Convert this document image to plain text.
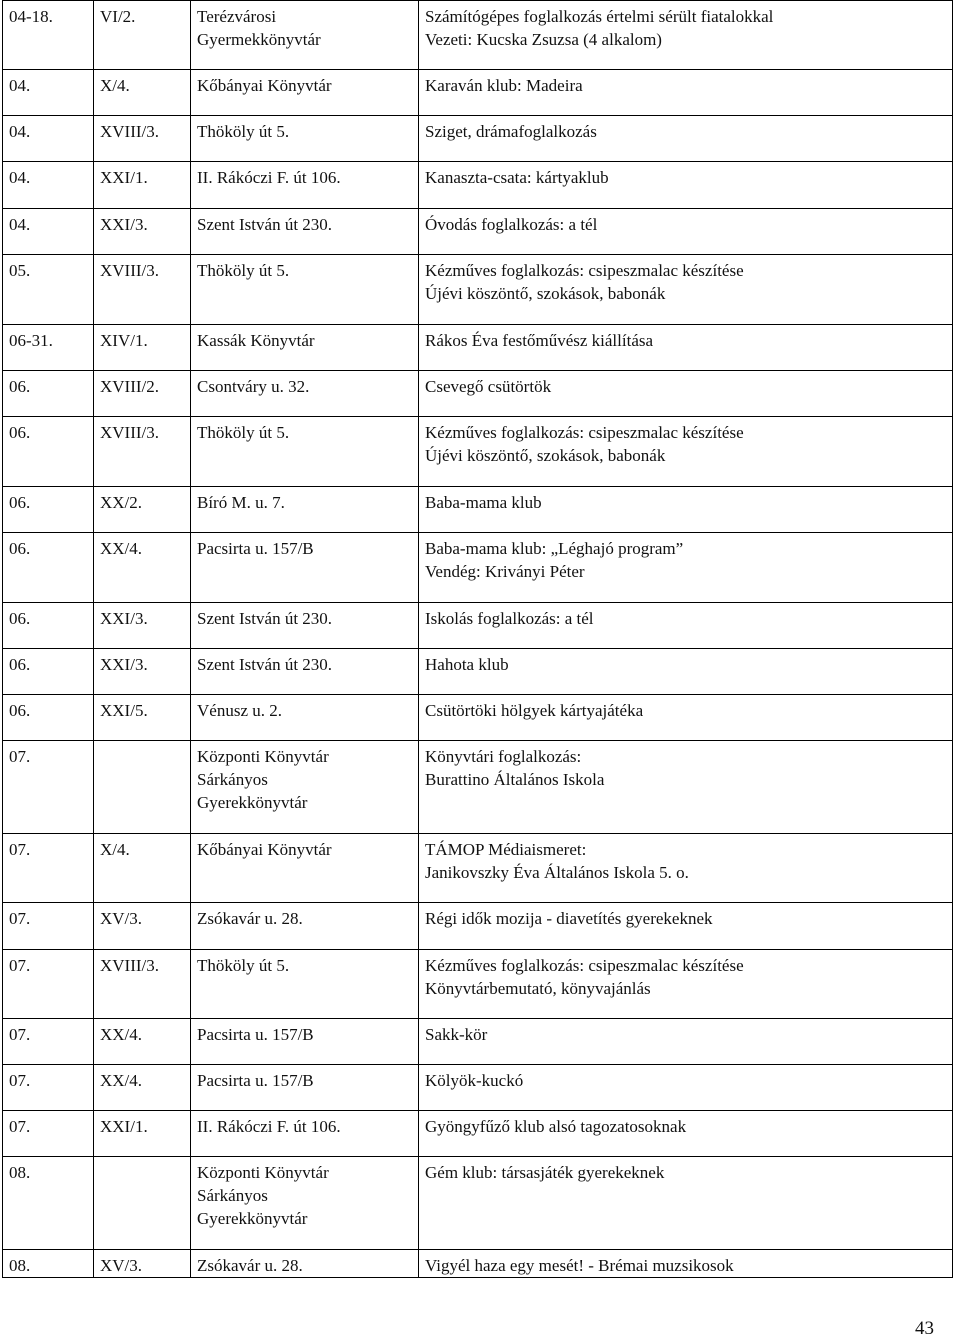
04-18.	VI/2.	Terézvárosi
Gyermekkönyvtár	Számítógépes foglalkozás értelmi sérült fiatalokkal
Vezeti: Kucska Zsuzsa (4 alkalom)
04.	X/4.	Kőbányai Könyvtár	Karaván klub: Madeira
04.	XVIII/3.	Thököly út 5.	Sziget, drámafoglalkozás
04.	XXI/1.	II. Rákóczi F. út 106.	Kanaszta-csata: kártyaklub
04.	XXI/3.	Szent István út 230.	Óvodás foglalkozás: a tél
05.	XVIII/3.	Thököly út 5.	Kézműves foglalkozás: csipeszmalac készítése
Újévi köszöntő, szokások, babonák
06-31.	XIV/1.	Kassák Könyvtár	Rákos Éva festőművész kiállítása
06.	XVIII/2.	Csontváry u. 32.	Csevegő csütörtök
06.	XVIII/3.	Thököly út 5.	Kézműves foglalkozás: csipeszmalac készítése
Újévi köszöntő, szokások, babonák
06.	XX/2.	Bíró M. u. 7.	Baba-mama klub
06.	XX/4.	Pacsirta u. 157/B	Baba-mama klub: „Léghajó program”
Vendég: Kriványi Péter
06.	XXI/3.	Szent István út 230.	Iskolás foglalkozás: a tél
06.	XXI/3.	Szent István út 230.	Hahota klub
06.	XXI/5.	Vénusz u. 2.	Csütörtöki hölgyek kártyajátéka
07.		Központi Könyvtár
Sárkányos
Gyerekkönyvtár	Könyvtári foglalkozás:
Burattino Általános Iskola
07.	X/4.	Kőbányai Könyvtár	TÁMOP Médiaismeret:
Janikovszky Éva Általános Iskola 5. o.
07.	XV/3.	Zsókavár u. 28.	Régi idők mozija - diavetítés gyerekeknek
07.	XVIII/3.	Thököly út 5.	Kézműves foglalkozás: csipeszmalac készítése
Könyvtárbemutató, könyvajánlás
07.	XX/4.	Pacsirta u. 157/B	Sakk-kör
07.	XX/4.	Pacsirta u. 157/B	Kölyök-kuckó
07.	XXI/1.	II. Rákóczi F. út 106.	Gyöngyfűző klub alsó tagozatosoknak
08.		Központi Könyvtár
Sárkányos
Gyerekkönyvtár	Gém klub: társasjáték gyerekeknek
08.	XV/3.	Zsókavár u. 28.	Vigyél haza egy mesét! - Brémai muzsikosok
43
